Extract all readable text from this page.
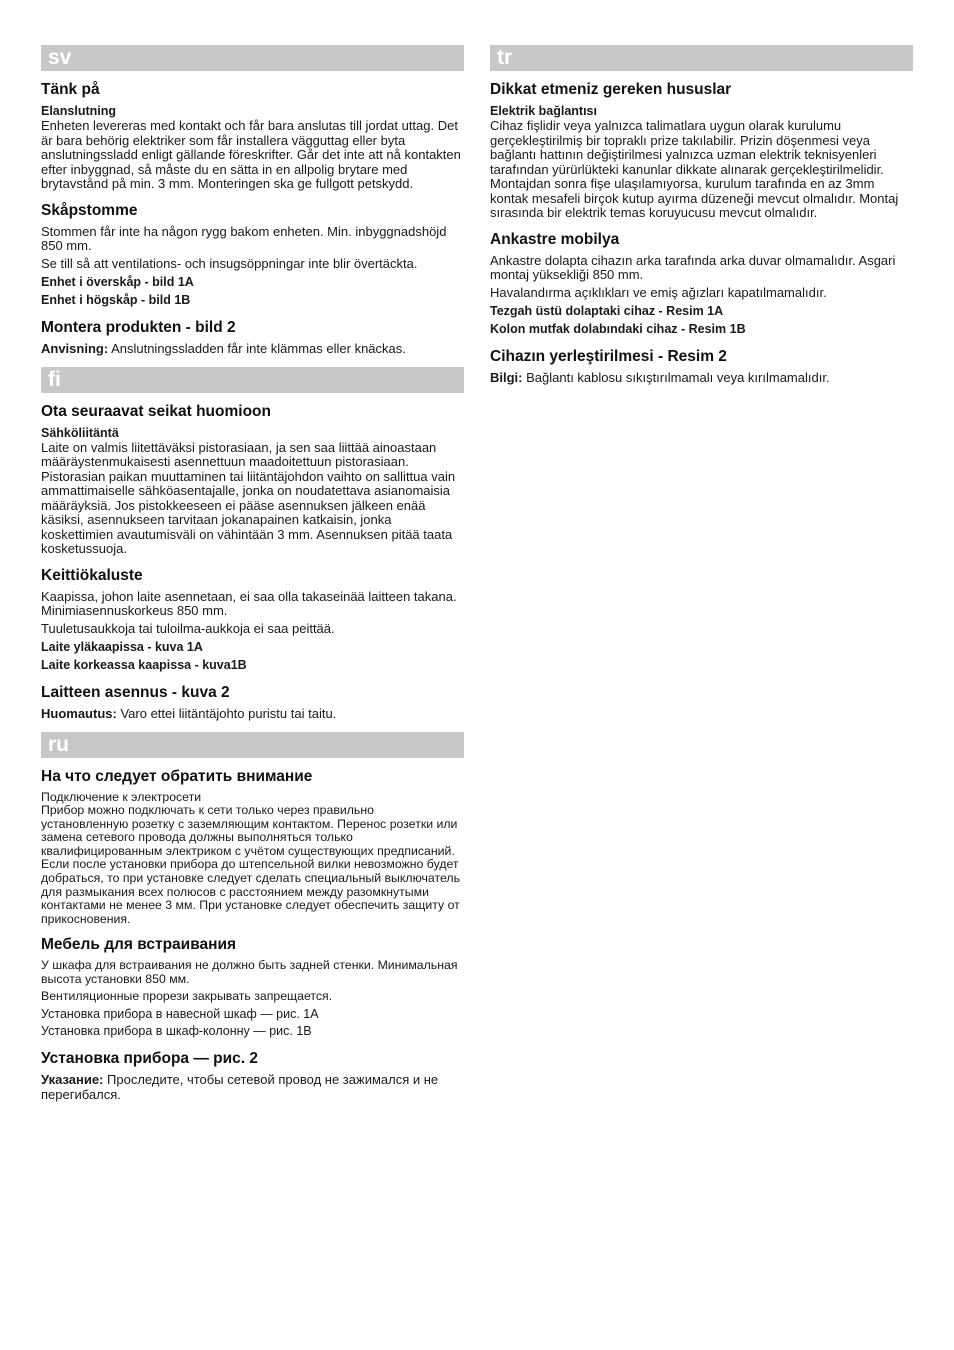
sv
Tänk på
Elanslutning

Enheten levereras med kontakt och får bara anslutas till jordat uttag. Det är bara behörig elektriker som får installera vägguttag eller byta anslutningssladd enligt gällande föreskrifter. Går det inte att nå kontakten efter inbyggnad, så måste du en sätta in en allpolig brytare med brytavstånd på min. 3 mm. Monteringen ska ge fullgott petskydd.

Skåpstomme

Stommen får inte ha någon rygg bakom enheten. Min. inbyggnadshöjd 850 mm.

Se till så att ventilations- och insugsöppningar inte blir övertäckta.

Enhet i överskåp - bild 1A
Enhet i högskåp - bild 1B
Montera produkten - bild 2
Anvisning: Anslutningssladden får inte klämmas eller knäckas.
fi
Ota seuraavat seikat huomioon
Sähköliitäntä

Laite on valmis liitettäväksi pistorasiaan, ja sen saa liittää ainoastaan määräystenmukaisesti asennettuun maadoitettuun pistorasiaan. Pistorasian paikan muuttaminen tai liitäntäjohdon vaihto on sallittua vain ammattimaiselle sähköasentajalle, jonka on noudatettava asianomaisia määräyksiä. Jos pistokkeeseen ei pääse asennuksen jälkeen enää käsiksi, asennukseen tarvitaan jokanapainen katkaisin, jonka koskettimien avautumisväli on vähintään 3 mm. Asennuksen pitää taata kosketussuoja.

Keittiökaluste

Kaapissa, johon laite asennetaan, ei saa olla takaseinää laitteen takana. Minimiasennuskorkeus 850 mm.

Tuuletusaukkoja tai tuloilma-aukkoja ei saa peittää.

Laite yläkaapissa - kuva 1A
Laite korkeassa kaapissa - kuva1B
Laitteen asennus - kuva 2
Huomautus: Varo ettei liitäntäjohto puristu tai taitu.
ru
На что следует обратить внимание
Подключение к электросети

Прибор можно подключать к сети только через правильно установленную розетку с заземляющим контактом. Перенос розетки или замена сетевого провода должны выполняться только квалифицированным электриком с учётом существующих предписаний. Если после установки прибора до штепсельной вилки невозможно будет добраться, то при установке следует сделать специальный выключатель для размыкания всех полюсов с расстоянием между разомкнутыми контактами не менее 3 мм. При установке следует обеспечить защиту от прикосновения.

Мебель для встраивания

У шкафа для встраивания не должно быть задней стенки. Минимальная высота установки 850 мм.

Вентиляционные прорези закрывать запрещается.

Установка прибора в навесной шкаф — рис. 1А
Установка прибора в шкаф-колонну — рис. 1В
Установка прибора — рис. 2
Указание: Проследите, чтобы сетевой провод не зажимался и не перегибался.
tr
Dikkat etmeniz gereken hususlar
Elektrik bağlantısı

Cihaz fişlidir veya yalnızca talimatlara uygun olarak kurulumu gerçekleştirilmiş bir topraklı prize takılabilir. Prizin döşenmesi veya bağlantı hattının değiştirilmesi yalnızca uzman elektrik teknisyenleri tarafından yürürlükteki kanunlar dikkate alınarak gerçekleştirilmelidir. Montajdan sonra fişe ulaşılamıyorsa, kurulum tarafında en az 3mm kontak mesafeli birçok kutup ayırma düzeneği mevcut olmalıdır. Montaj sırasında bir elektrik temas koruyucusu mevcut olmalıdır.

Ankastre mobilya

Ankastre dolapta cihazın arka tarafında arka duvar olmamalıdır. Asgari montaj yüksekliği 850 mm.

Havalandırma açıklıkları ve emiş ağızları kapatılmamalıdır.

Tezgah üstü dolaptaki cihaz - Resim 1A
Kolon mutfak dolabındaki cihaz - Resim 1B
Cihazın yerleştirilmesi - Resim 2
Bilgi: Bağlantı kablosu sıkıştırılmamalı veya kırılmamalıdır.
